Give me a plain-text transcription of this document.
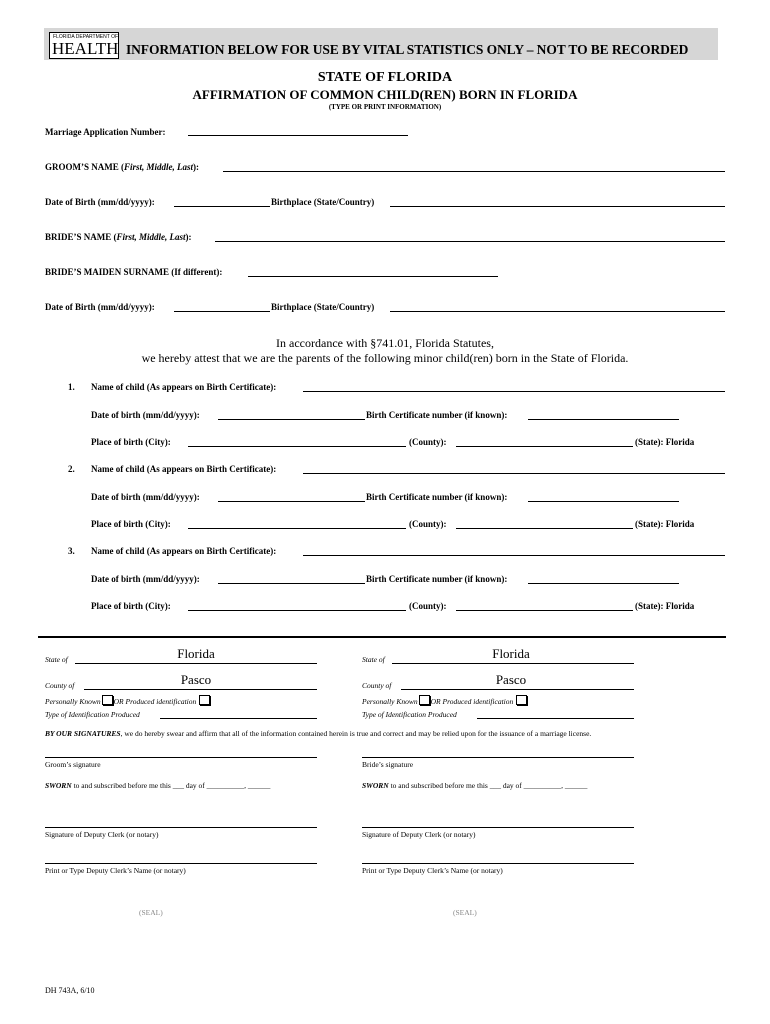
FLORIDA DEPARTMENT OF
HEALTH INFORMATION BELOW FOR USE BY VITAL STATISTICS ONLY – NOT TO BE RECORDED
STATE OF FLORIDA
AFFIRMATION OF COMMON CHILD(REN) BORN IN FLORIDA
(TYPE OR PRINT INFORMATION)
Marriage Application Number:
GROOM’S NAME (First, Middle, Last):
Date of Birth (mm/dd/yyyy):	Birthplace (State/Country)
BRIDE’S NAME (First, Middle, Last):
BRIDE’S MAIDEN SURNAME (If different):
Date of Birth (mm/dd/yyyy):	Birthplace (State/Country)
In accordance with §741.01, Florida Statutes,
we hereby attest that we are the parents of the following minor child(ren) born in the State of Florida.
1. Name of child (As appears on Birth Certificate):
Date of birth (mm/dd/yyyy):	Birth Certificate number (if known):
Place of birth (City):	(County):	(State): Florida
2. Name of child (As appears on Birth Certificate):
Date of birth (mm/dd/yyyy):	Birth Certificate number (if known):
Place of birth (City):	(County):	(State): Florida
3. Name of child (As appears on Birth Certificate):
Date of birth (mm/dd/yyyy):	Birth Certificate number (if known):
Place of birth (City):	(County):	(State): Florida
State of	Florida
County of	Pasco
Personally Known OR Produced identification
Type of Identification Produced
State of	Florida
County of	Pasco
Personally Known OR Produced identification
Type of Identification Produced
BY OUR SIGNATURES, we do hereby swear and affirm that all of the information contained herein is true and correct and may be relied upon for the issuance of a marriage license.
Groom’s signature	Bride’s signature
SWORN to and subscribed before me this ___ day of __________, ______	SWORN to and subscribed before me this ___ day of __________, ______
Signature of Deputy Clerk (or notary)	Signature of Deputy Clerk (or notary)
Print or Type Deputy Clerk’s Name (or notary)	Print or Type Deputy Clerk’s Name (or notary)
(SEAL)	(SEAL)
DH 743A, 6/10
